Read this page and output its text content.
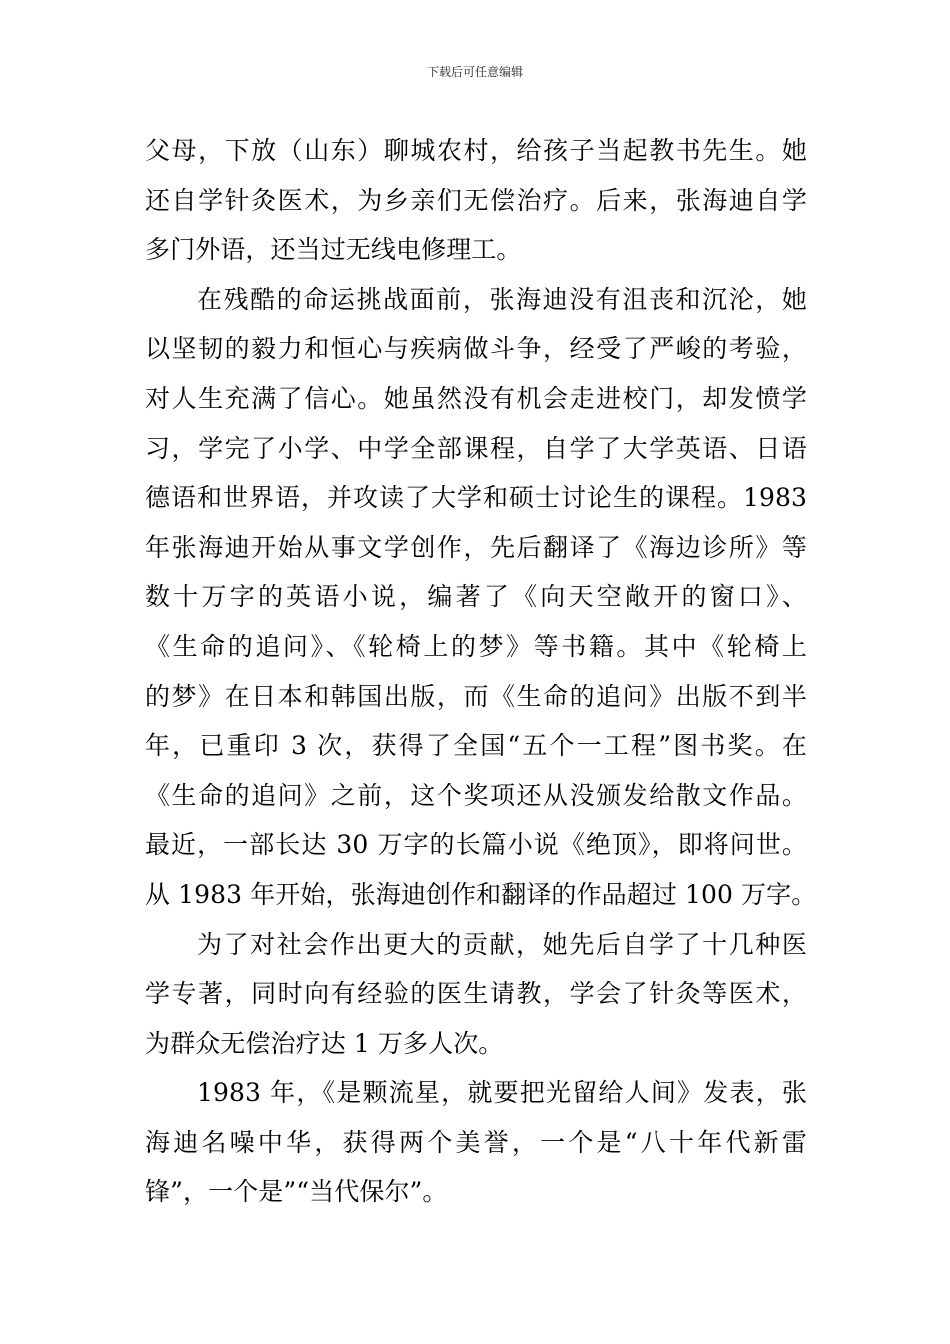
下载后可任意编辑
父母，下放（山东）聊城农村，给孩子当起教书先生。她
还自学针灸医术，为乡亲们无偿治疗。后来，张海迪自学
多门外语，还当过无线电修理工。
在残酷的命运挑战面前，张海迪没有沮丧和沉沦，她
以坚韧的毅力和恒心与疾病做斗争，经受了严峻的考验，
对人生充满了信心。她虽然没有机会走进校门，却发愤学
习，学完了小学、中学全部课程，自学了大学英语、日语
德语和世界语，并攻读了大学和硕士讨论生的课程。1983
年张海迪开始从事文学创作，先后翻译了《海边诊所》等
数十万字的英语小说，编著了《向天空敞开的窗口》、
《生命的追问》、《轮椅上的梦》等书籍。其中《轮椅上
的梦》在日本和韩国出版，而《生命的追问》出版不到半
年，已重印 3 次，获得了全国“五个一工程”图书奖。在
《生命的追问》之前，这个奖项还从没颁发给散文作品。
最近，一部长达 30 万字的长篇小说《绝顶》，即将问世。
从 1983 年开始，张海迪创作和翻译的作品超过 100 万字。
为了对社会作出更大的贡献，她先后自学了十几种医
学专著，同时向有经验的医生请教，学会了针灸等医术，
为群众无偿治疗达 1 万多人次。
1983 年，《是颗流星，就要把光留给人间》发表，张
海迪名噪中华，获得两个美誉，一个是“八十年代新雷
锋”，一个是”“当代保尔”。
